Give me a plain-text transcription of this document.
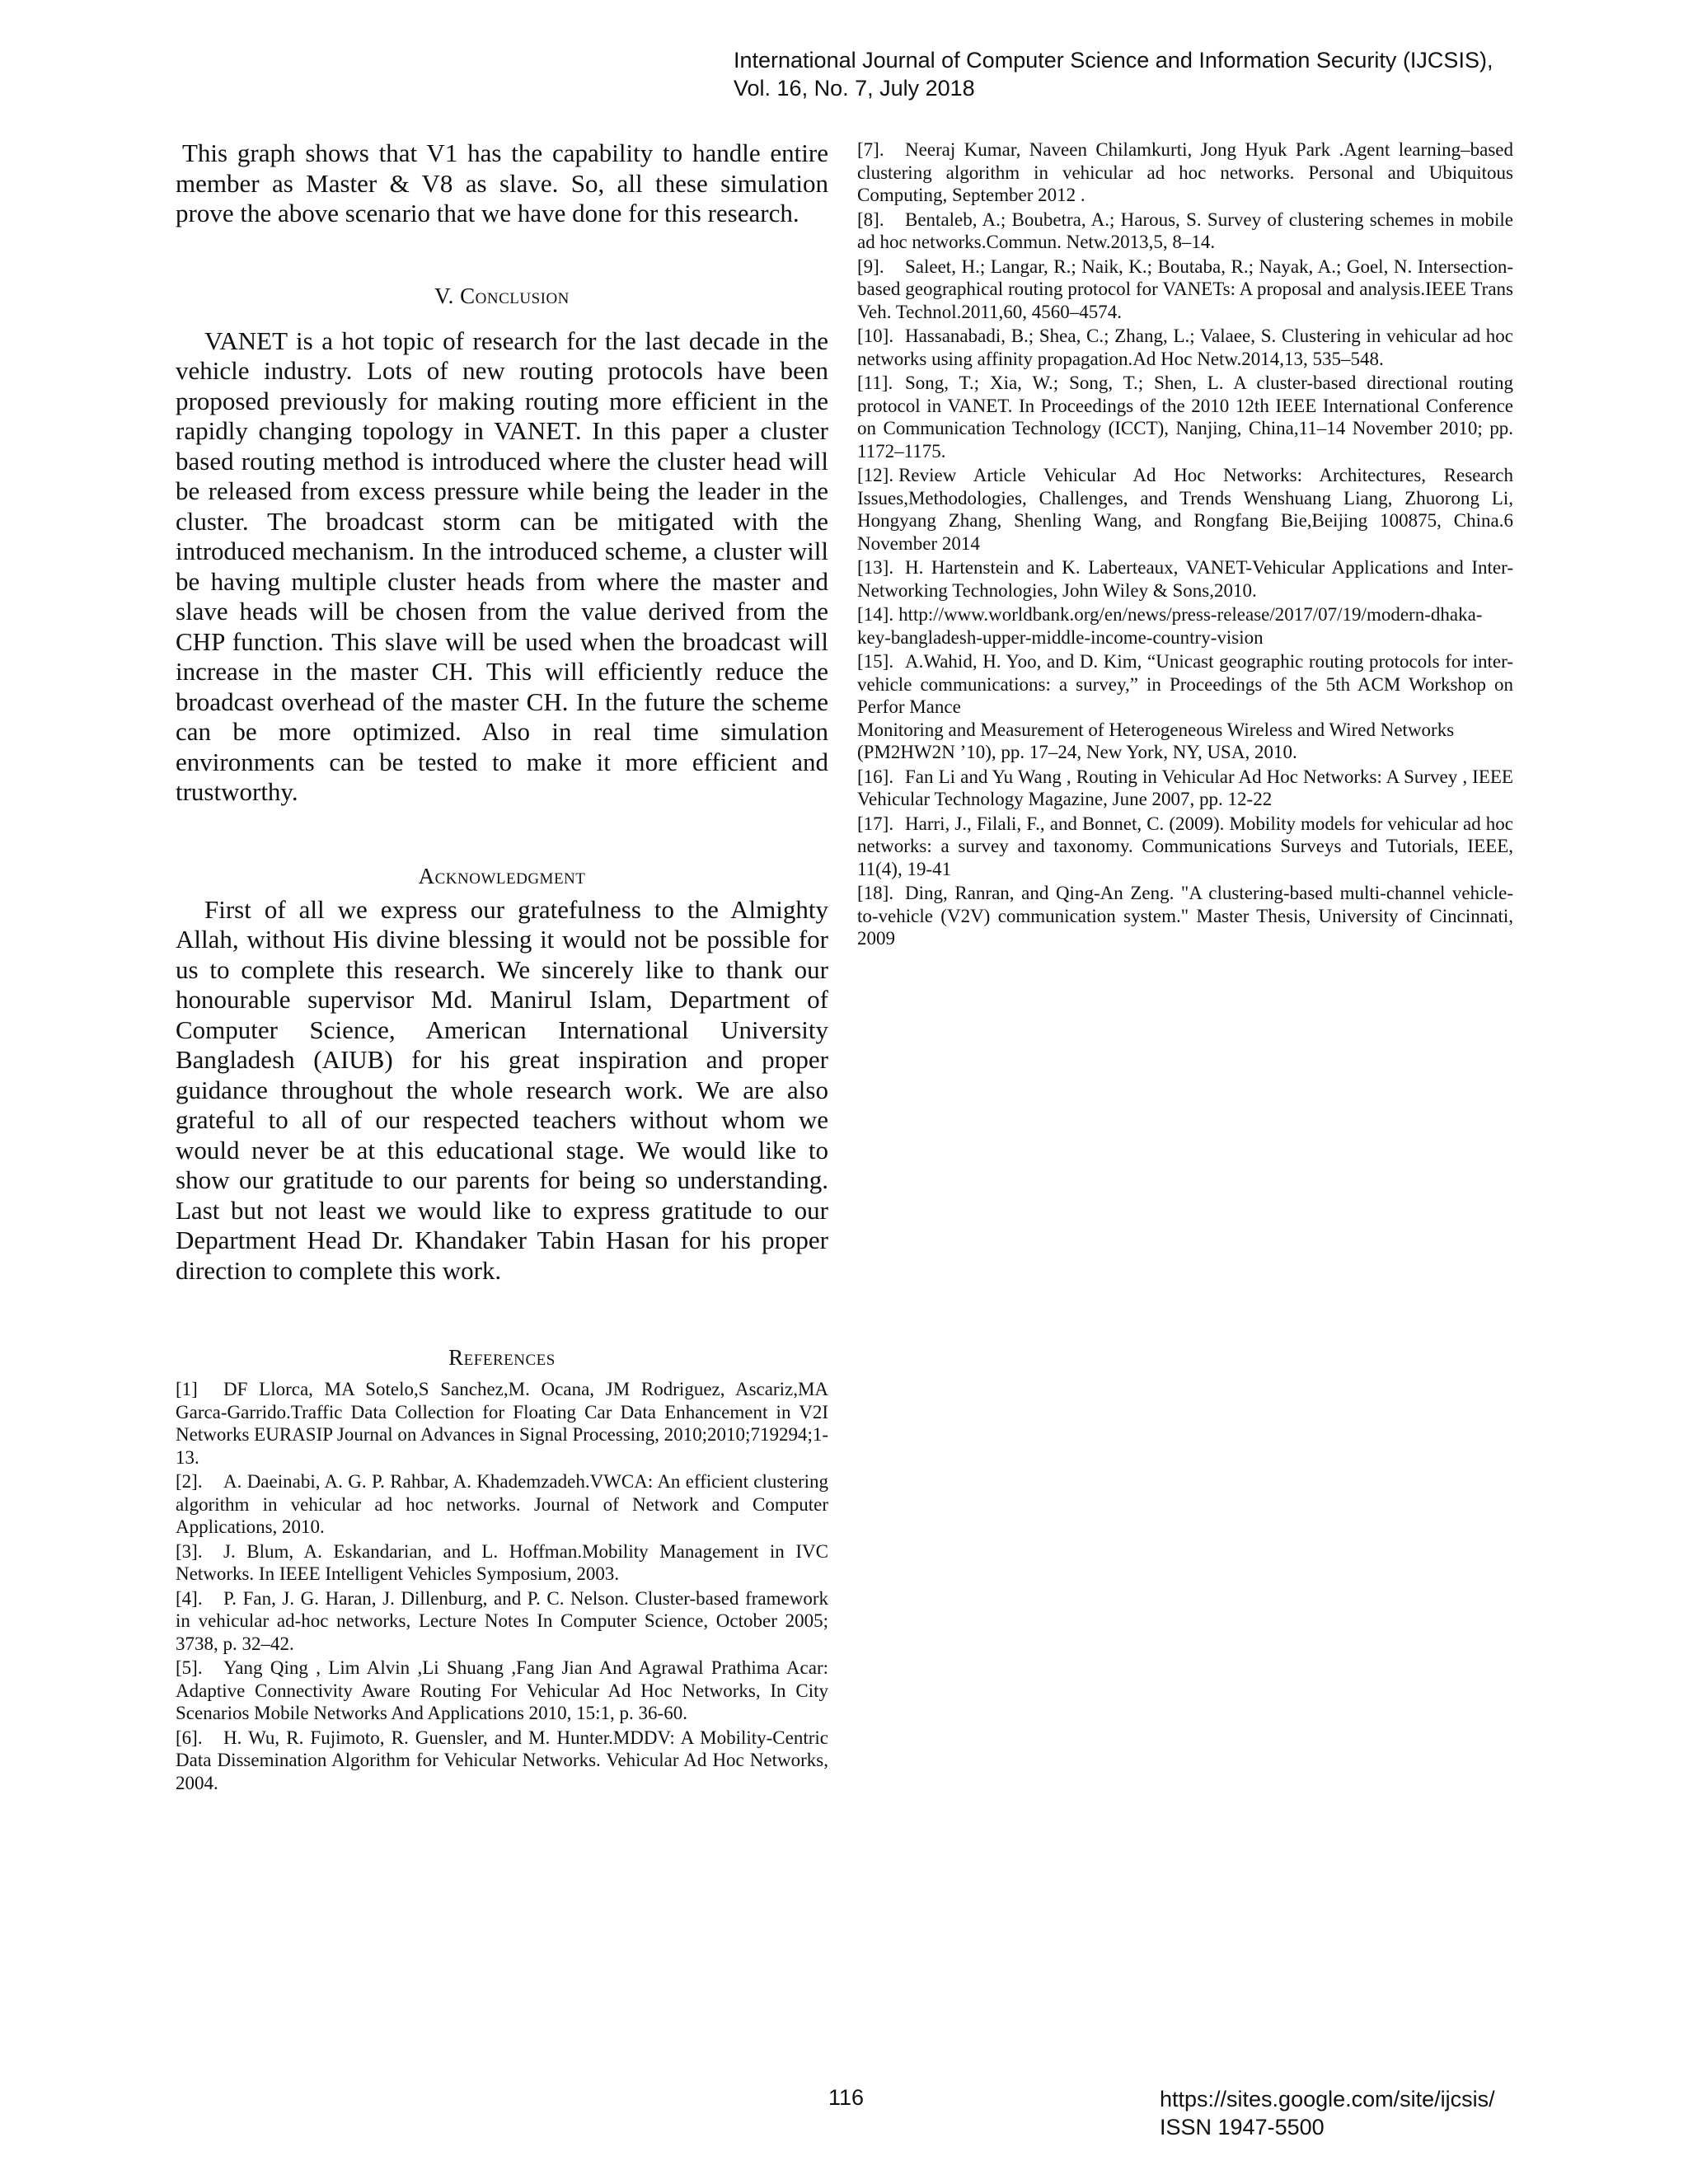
International Journal of Computer Science and Information Security (IJCSIS),
Vol. 16, No. 7, July 2018

This graph shows that V1 has the capability to handle entire member as Master & V8 as slave. So, all these simulation prove the above scenario that we have done for this research.

V. Conclusion

VANET is a hot topic of research for the last decade in the vehicle industry. Lots of new routing protocols have been proposed previously for making routing more efficient in the rapidly changing topology in VANET. In this paper a cluster based routing method is introduced where the cluster head will be released from excess pressure while being the leader in the cluster. The broadcast storm can be mitigated with the introduced mechanism. In the introduced scheme, a cluster will be having multiple cluster heads from where the master and slave heads will be chosen from the value derived from the CHP function. This slave will be used when the broadcast will increase in the master CH. This will efficiently reduce the broadcast overhead of the master CH. In the future the scheme can be more optimized. Also in real time simulation environments can be tested to make it more efficient and trustworthy.

Acknowledgment

First of all we express our gratefulness to the Almighty Allah, without His divine blessing it would not be possible for us to complete this research. We sincerely like to thank our honourable supervisor Md. Manirul Islam, Department of Computer Science, American International University Bangladesh (AIUB) for his great inspiration and proper guidance throughout the whole research work. We are also grateful to all of our respected teachers without whom we would never be at this educational stage. We would like to show our gratitude to our parents for being so understanding. Last but not least we would like to express gratitude to our Department Head Dr. Khandaker Tabin Hasan for his proper direction to complete this work.

References

[1] DF Llorca, MA Sotelo,S Sanchez,M. Ocana, JM Rodriguez, Ascariz,MA Garca-Garrido.Traffic Data Collection for Floating Car Data Enhancement in V2I Networks EURASIP Journal on Advances in Signal Processing, 2010;2010;719294;1-13.

[2]. A. Daeinabi, A. G. P. Rahbar, A. Khademzadeh.VWCA: An efficient clustering algorithm in vehicular ad hoc networks. Journal of Network and Computer Applications, 2010.

[3]. J. Blum, A. Eskandarian, and L. Hoffman.Mobility Management in IVC Networks. In IEEE Intelligent Vehicles Symposium, 2003.

[4]. P. Fan, J. G. Haran, J. Dillenburg, and P. C. Nelson. Cluster-based framework in vehicular ad-hoc networks, Lecture Notes In Computer Science, October 2005; 3738, p. 32–42.

[5]. Yang Qing , Lim Alvin ,Li Shuang ,Fang Jian And Agrawal Prathima Acar: Adaptive Connectivity Aware Routing For Vehicular Ad Hoc Networks, In City Scenarios Mobile Networks And Applications 2010, 15:1, p. 36-60.

[6]. H. Wu, R. Fujimoto, R. Guensler, and M. Hunter.MDDV: A Mobility-Centric Data Dissemination Algorithm for Vehicular Networks. Vehicular Ad Hoc Networks, 2004.

[7]. Neeraj Kumar, Naveen Chilamkurti, Jong Hyuk Park .Agent learning–based clustering algorithm in vehicular ad hoc networks. Personal and Ubiquitous Computing, September 2012 .

[8]. Bentaleb, A.; Boubetra, A.; Harous, S. Survey of clustering schemes in mobile ad hoc networks.Commun. Netw.2013,5, 8–14.

[9]. Saleet, H.; Langar, R.; Naik, K.; Boutaba, R.; Nayak, A.; Goel, N. Intersection-based geographical routing protocol for VANETs: A proposal and analysis.IEEE Trans Veh. Technol.2011,60, 4560–4574.

[10]. Hassanabadi, B.; Shea, C.; Zhang, L.; Valaee, S. Clustering in vehicular ad hoc networks using affinity propagation.Ad Hoc Netw.2014,13, 535–548.

[11]. Song, T.; Xia, W.; Song, T.; Shen, L. A cluster-based directional routing protocol in VANET. In Proceedings of the 2010 12th IEEE International Conference on Communication Technology (ICCT), Nanjing, China,11–14 November 2010; pp. 1172–1175.

[12]. Review Article Vehicular Ad Hoc Networks: Architectures, Research Issues,Methodologies, Challenges, and Trends Wenshuang Liang, Zhuorong Li, Hongyang Zhang, Shenling Wang, and Rongfang Bie,Beijing 100875, China.6 November 2014

[13]. H. Hartenstein and K. Laberteaux, VANET-Vehicular Applications and Inter-Networking Technologies, John Wiley & Sons,2010.

[14]. http://www.worldbank.org/en/news/press-release/2017/07/19/modern-dhaka-key-bangladesh-upper-middle-income-country-vision

[15]. A.Wahid, H. Yoo, and D. Kim, “Unicast geographic routing protocols for inter-vehicle communications: a survey,” in Proceedings of the 5th ACM Workshop on Perfor Mance

Monitoring and Measurement of Heterogeneous Wireless and Wired Networks (PM2HW2N ’10), pp. 17–24, New York, NY, USA, 2010.

[16]. Fan Li and Yu Wang , Routing in Vehicular Ad Hoc Networks: A Survey , IEEE Vehicular Technology Magazine, June 2007, pp. 12-22

[17]. Harri, J., Filali, F., and Bonnet, C. (2009). Mobility models for vehicular ad hoc networks: a survey and taxonomy. Communications Surveys and Tutorials, IEEE, 11(4), 19-41

[18]. Ding, Ranran, and Qing-An Zeng. "A clustering-based multi-channel vehicle-to-vehicle (V2V) communication system." Master Thesis, University of Cincinnati, 2009

116	https://sites.google.com/site/ijcsis/
ISSN 1947-5500
